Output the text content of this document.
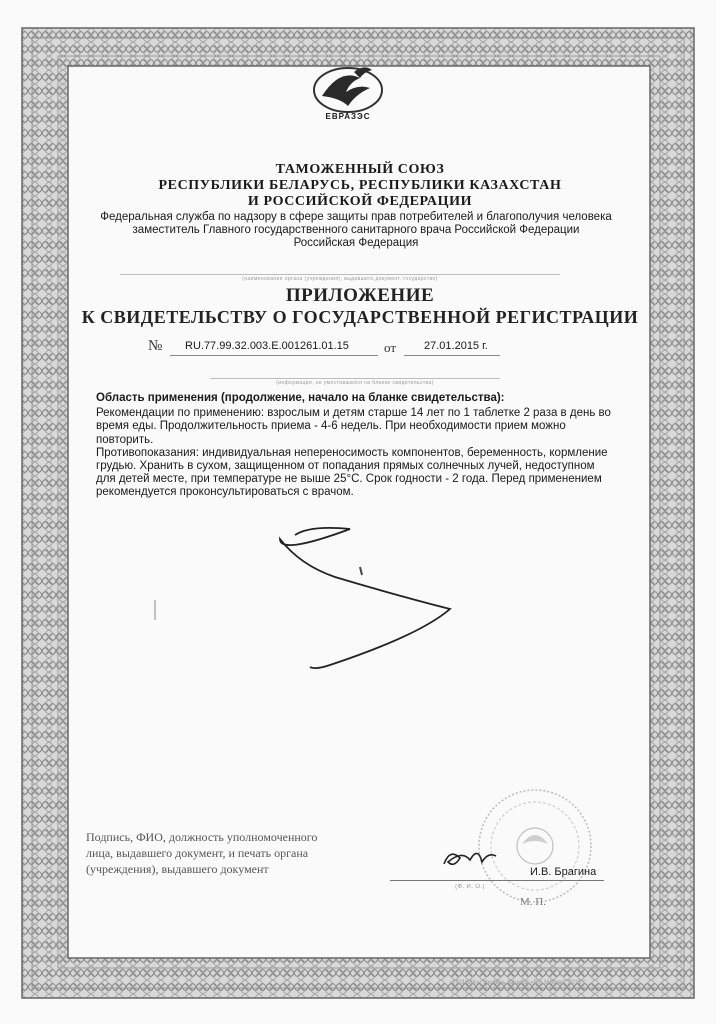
ЕВРАЗЭС
ТАМОЖЕННЫЙ СОЮЗ
РЕСПУБЛИКИ БЕЛАРУСЬ, РЕСПУБЛИКИ КАЗАХСТАН
И РОССИЙСКОЙ ФЕДЕРАЦИИ
Федеральная служба по надзору в сфере защиты прав потребителей и благополучия человека
заместитель Главного государственного санитарного врача Российской Федерации
Российская Федерация
(наименование органа (учреждения), выдавшего документ, государство)
ПРИЛОЖЕНИЕ
К СВИДЕТЕЛЬСТВУ О ГОСУДАРСТВЕННОЙ РЕГИСТРАЦИИ
№ RU.77.99.32.003.E.001261.01.15	от	27.01.2015 г.
(информация, не уместившаяся на бланке свидетельства)

Область применения (продолжение, начало на бланке свидетельства):

Рекомендации по применению: взрослым и детям старше 14 лет по 1 таблетке 2 раза в день во время еды. Продолжительность приема - 4-6 недель. При необходимости прием можно повторить.

Противопоказания: индивидуальная непереносимость компонентов, беременность, кормление грудью. Хранить в сухом, защищенном от попадания прямых солнечных лучей, недоступном для детей месте, при температуре не выше 25°С. Срок годности - 2 года. Перед применением рекомендуется проконсультироваться с врачом.

Подпись, ФИО, должность уполномоченного
лица, выдавшего документ, и печать органа
(учреждения), выдавшего документ	И.В. Брагина
(Ф. И. О.)
М. П.
«ГОЗНАК», уровень защиты «Б», Москва, 2013 г.
